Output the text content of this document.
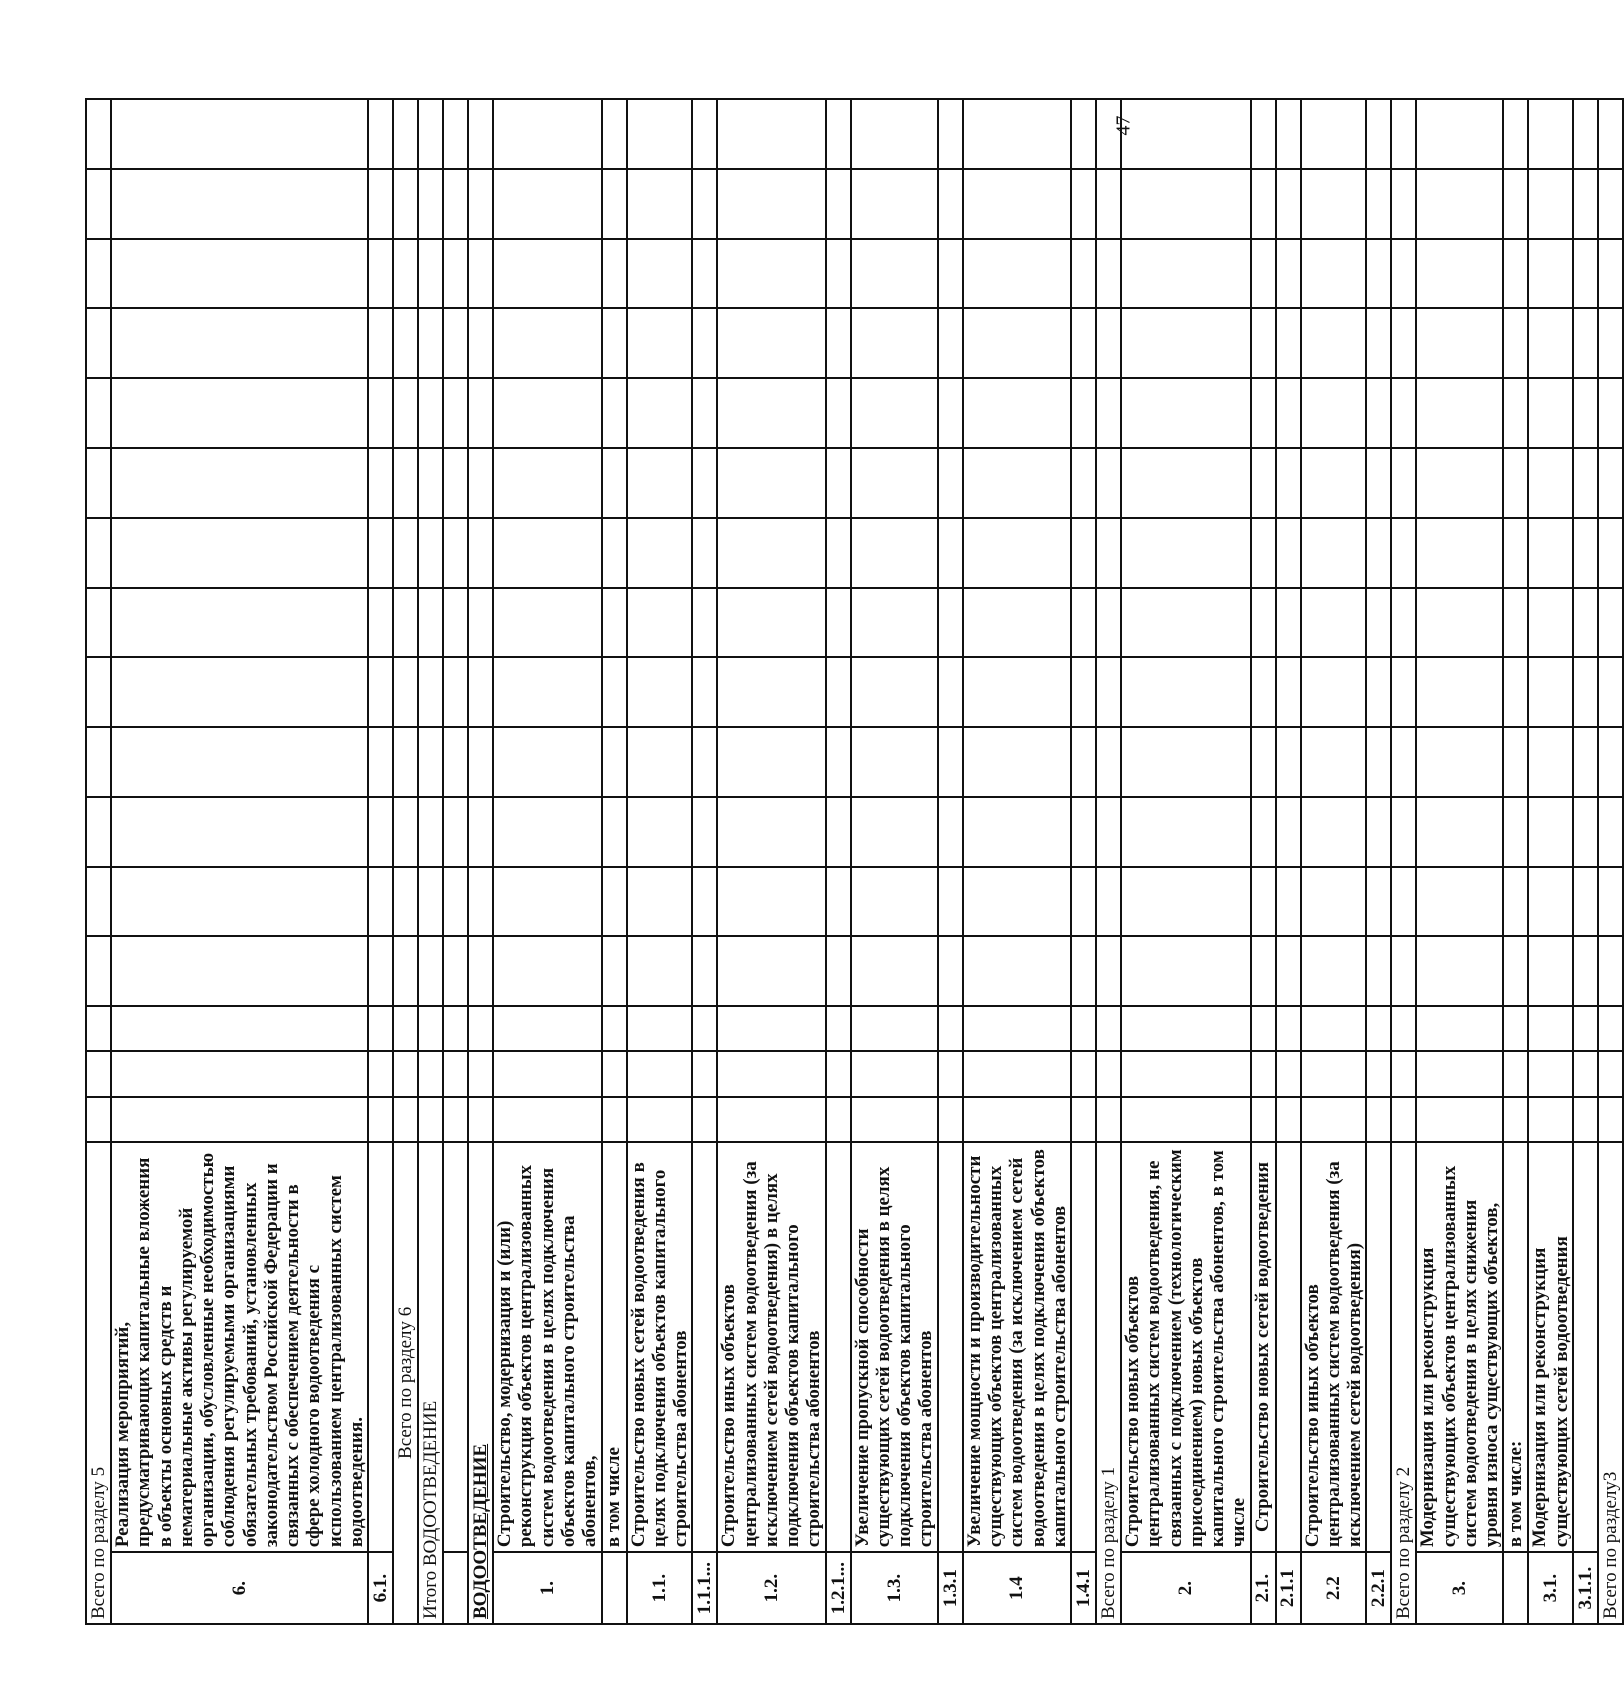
47
Всего по разделу 5																	
6.	Реализация мероприятий, предусматривающих капитальные вложения в объекты основных средств и нематериальные активы регулируемой организации, обусловленные необходимостью соблюдения регулируемыми организациями обязательных требований, установленных законодательством Российской Федерации и связанных с обеспечением деятельности в сфере холодного водоотведения с использованием централизованных систем водоотведения.																
6.1.																	
Всего по разделу 6																	
Итого ВОДООТВЕДЕНИЕ																	

ВОДООТВЕДЕНИЕ																	
1.	Строительство, модернизация и (или) реконструкция объектов централизованных систем водоотведения в целях подключения объектов капитального строительства абонентов,																
	в том числе																
1.1.	Строительство новых сетей водоотведения в целях подключения объектов капитального строительства абонентов																
1.1.1...																	
1.2.	Строительство иных объектов централизованных систем водоотведения (за исключением сетей водоотведения) в целях подключения объектов капитального строительства абонентов																
1.2.1...																	
1.3.	Увеличение пропускной способности существующих сетей водоотведения в целях подключения объектов капитального строительства абонентов																
1.3.1																	
1.4	Увеличение мощности и производительности существующих объектов централизованных систем водоотведения (за исключением сетей водоотведения в целях подключения объектов капитального строительства абонентов																
1.4.1																	
Всего по разделу 1																	
2.	Строительство новых объектов централизованных систем водоотведения, не связанных с подключением (технологическим присоединением) новых объектов капитального строительства абонентов, в том числе																
2.1.	Строительство новых сетей водоотведения																
2.1.1																	
2.2	Строительство иных объектов централизованных систем водоотведения (за исключением сетей водоотведения)																
2.2.1																	
Всего по разделу 2																	
3.	Модернизация или реконструкция существующих объектов централизованных систем водоотведения в целях снижения уровня износа существующих объектов,																
	в том числе:																
3.1.	Модернизация или реконструкция существующих сетей водоотведения																
3.1.1.																	
Всего по разделу3																	
